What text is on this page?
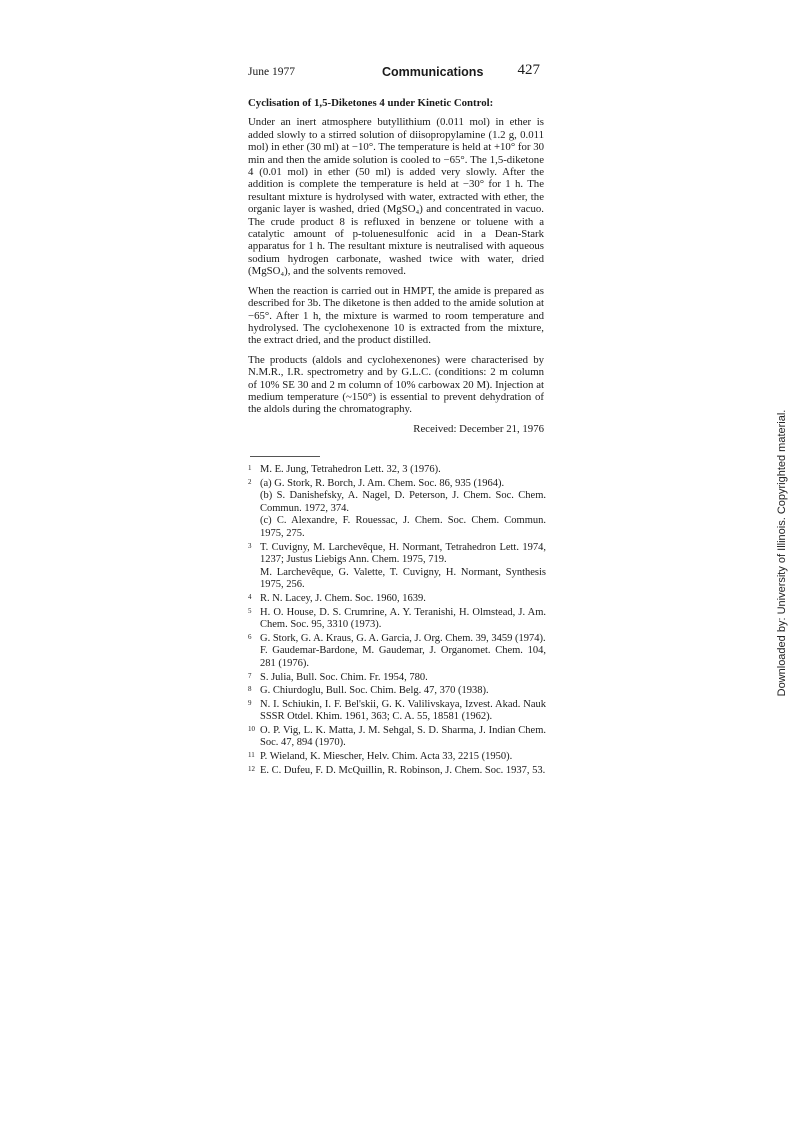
June 1977	Communications 427

Cyclisation of 1,5-Diketones 4 under Kinetic Control:

Under an inert atmosphere butyllithium (0.011 mol) in ether is added slowly to a stirred solution of diisopropylamine (1.2 g, 0.011 mol) in ether (30 ml) at −10°. The temperature is held at +10° for 30 min and then the amide solution is cooled to −65°. The 1,5-diketone 4 (0.01 mol) in ether (50 ml) is added very slowly. After the addition is complete the temperature is held at −30° for 1 h. The resultant mixture is hydrolysed with water, extracted with ether, the organic layer is washed, dried (MgSO₄) and concentrated in vacuo. The crude product 8 is refluxed in benzene or toluene with a catalytic amount of p-toluenesulfonic acid in a Dean-Stark apparatus for 1 h. The resultant mixture is neutralised with aqueous sodium hydrogen carbonate, washed twice with water, dried (MgSO₄), and the solvents removed.

When the reaction is carried out in HMPT, the amide is prepared as described for 3b. The diketone is then added to the amide solution at −65°. After 1 h, the mixture is warmed to room temperature and hydrolysed. The cyclohexenone 10 is extracted from the mixture, the extract dried, and the product distilled.

The products (aldols and cyclohexenones) were characterised by N.M.R., I.R. spectrometry and by G.L.C. (conditions: 2 m column of 10% SE 30 and 2 m column of 10% carbowax 20 M). Injection at medium temperature (~150°) is essential to prevent dehydration of the aldols during the chromatography.

Received: December 21, 1976

1 M. E. Jung, Tetrahedron Lett. 32, 3 (1976).
2 (a) G. Stork, R. Borch, J. Am. Chem. Soc. 86, 935 (1964).
(b) S. Danishefsky, A. Nagel, D. Peterson, J. Chem. Soc. Chem. Commun. 1972, 374.
(c) C. Alexandre, F. Rouessac, J. Chem. Soc. Chem. Commun. 1975, 275.
3 T. Cuvigny, M. Larchevêque, H. Normant, Tetrahedron Lett. 1974, 1237; Justus Liebigs Ann. Chem. 1975, 719.
M. Larchevêque, G. Valette, T. Cuvigny, H. Normant, Synthesis 1975, 256.
4 R. N. Lacey, J. Chem. Soc. 1960, 1639.
5 H. O. House, D. S. Crumrine, A. Y. Teranishi, H. Olmstead, J. Am. Chem. Soc. 95, 3310 (1973).
6 G. Stork, G. A. Kraus, G. A. Garcia, J. Org. Chem. 39, 3459 (1974).
F. Gaudemar-Bardone, M. Gaudemar, J. Organomet. Chem. 104, 281 (1976).
7 S. Julia, Bull. Soc. Chim. Fr. 1954, 780.
8 G. Chiurdoglu, Bull. Soc. Chim. Belg. 47, 370 (1938).
9 N. I. Schiukin, I. F. Bel'skii, G. K. Valilivskaya, Izvest. Akad. Nauk SSSR Otdel. Khim. 1961, 363; C. A. 55, 18581 (1962).
10 O. P. Vig, L. K. Matta, J. M. Sehgal, S. D. Sharma, J. Indian Chem. Soc. 47, 894 (1970).
11 P. Wieland, K. Miescher, Helv. Chim. Acta 33, 2215 (1950).
12 E. C. Dufeu, F. D. McQuillin, R. Robinson, J. Chem. Soc. 1937, 53.
Downloaded by: University of Illinois. Copyrighted material.
